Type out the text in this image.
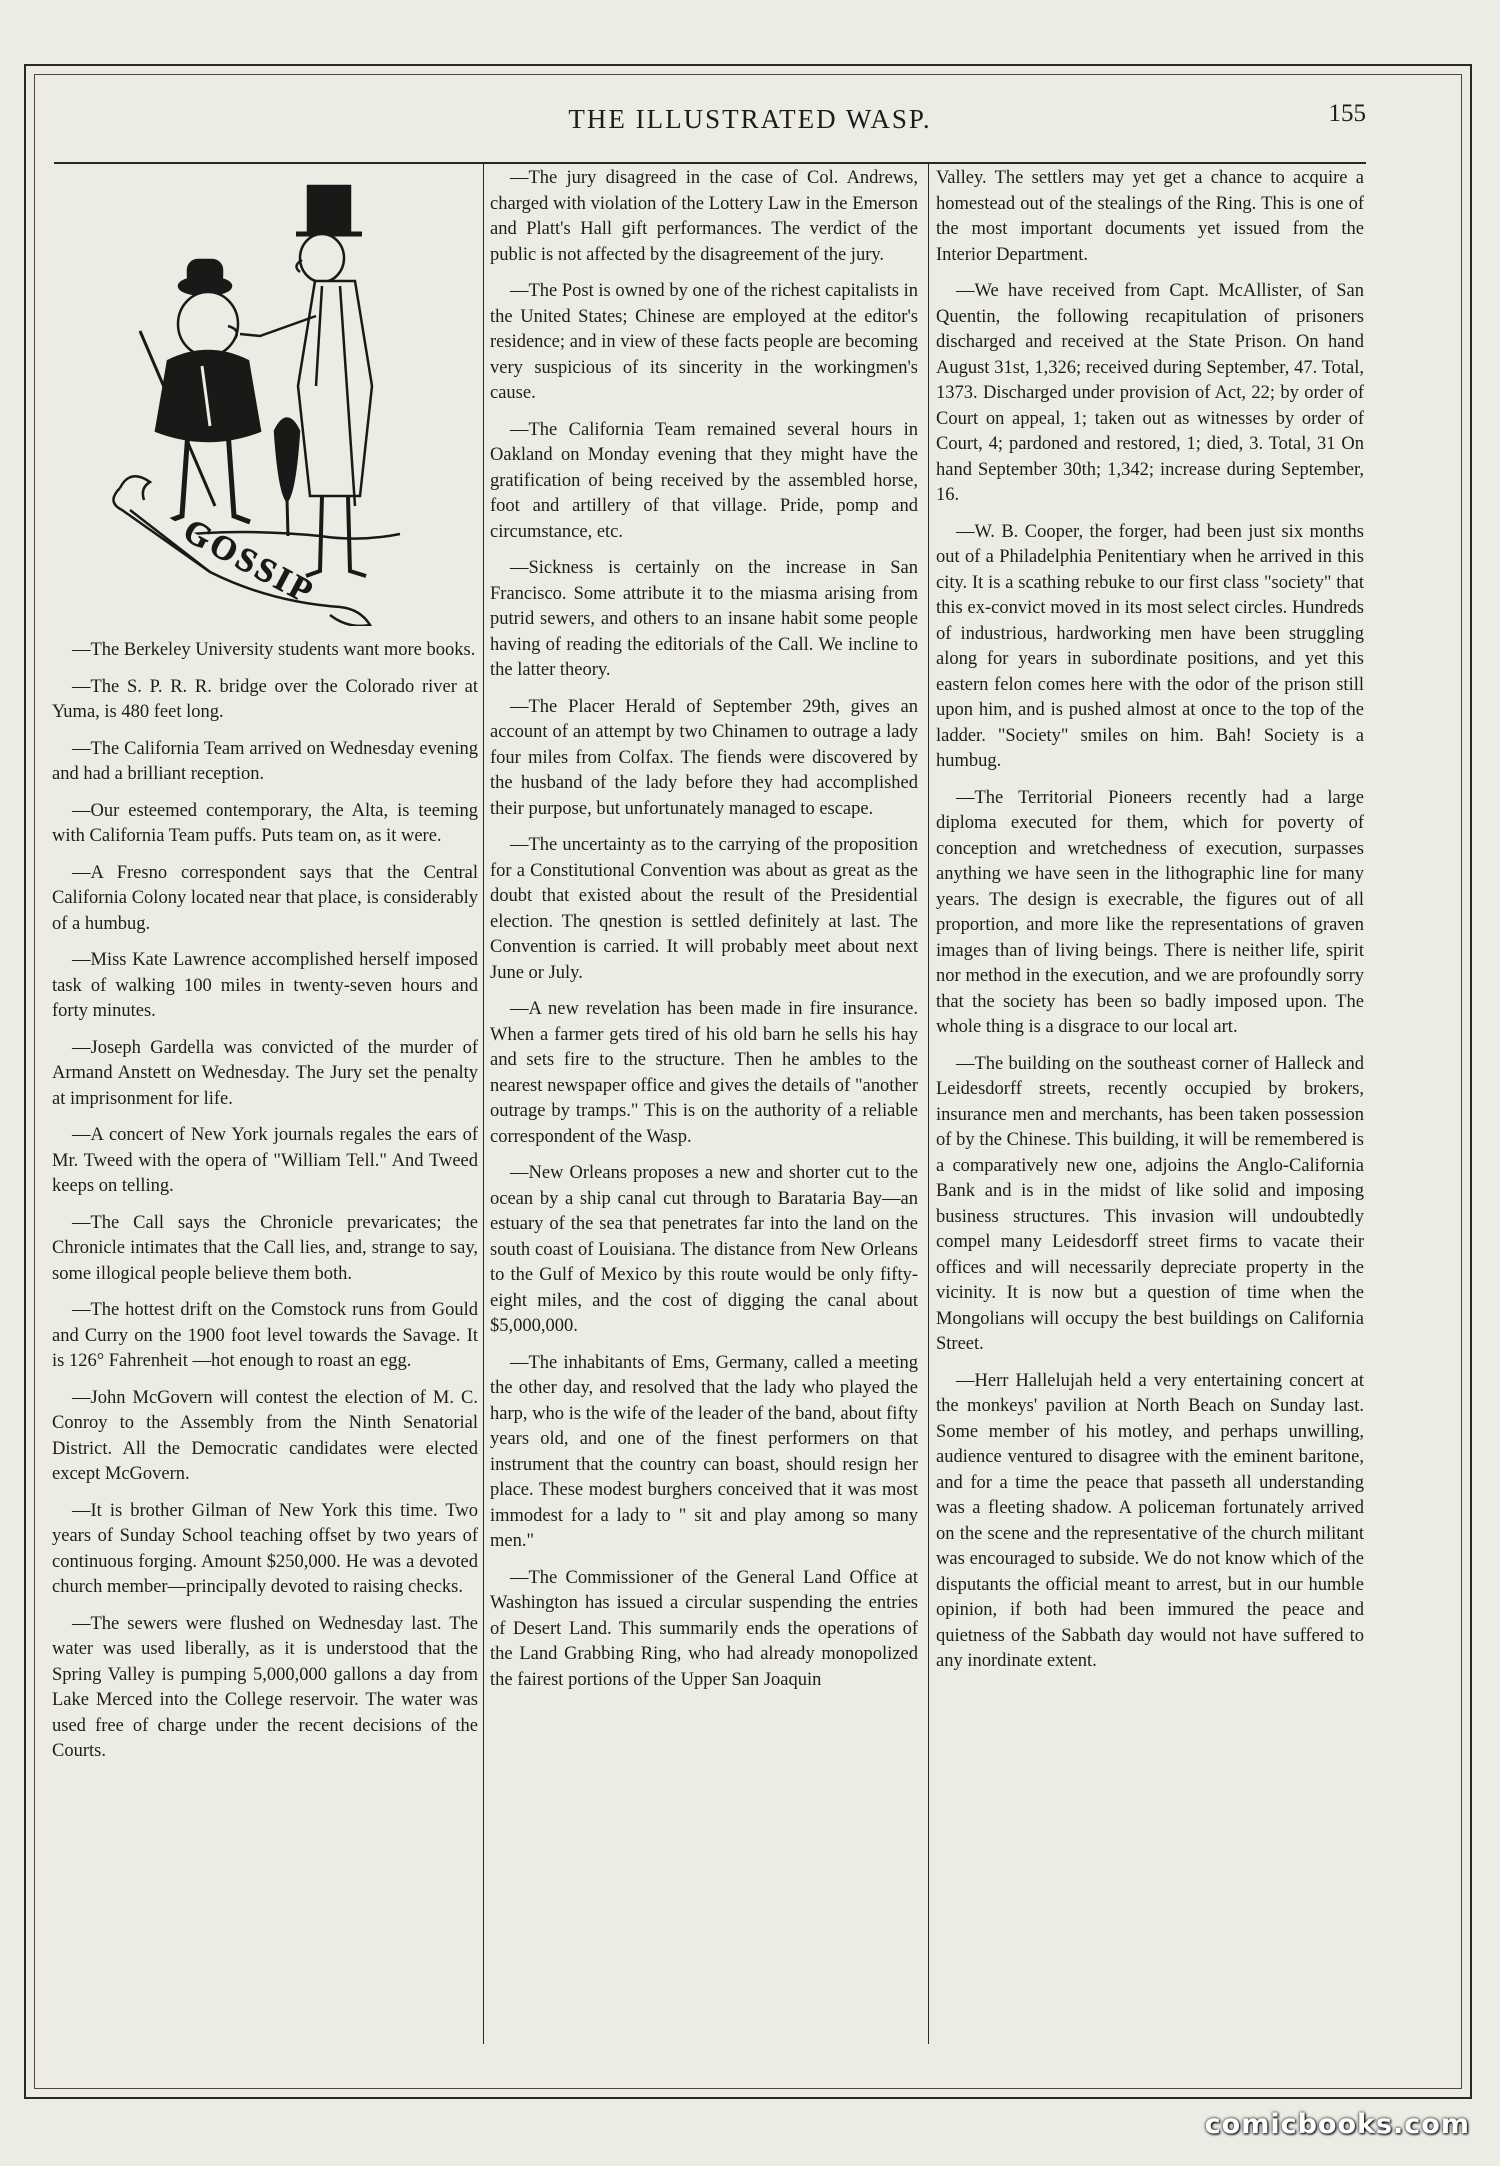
THE ILLUSTRATED WASP.	155
GOSSIP

—The Berkeley University students want more books.

—The S. P. R. R. bridge over the Colorado river at Yuma, is 480 feet long.

—The California Team arrived on Wednesday evening and had a brilliant reception.

—Our esteemed contemporary, the Alta, is teeming with California Team puffs. Puts team on, as it were.

—A Fresno correspondent says that the Central California Colony located near that place, is considerably of a humbug.

—Miss Kate Lawrence accomplished herself imposed task of walking 100 miles in twenty-seven hours and forty minutes.

—Joseph Gardella was convicted of the murder of Armand Anstett on Wednesday. The Jury set the penalty at imprisonment for life.

—A concert of New York journals regales the ears of Mr. Tweed with the opera of "William Tell." And Tweed keeps on telling.

—The Call says the Chronicle prevaricates; the Chronicle intimates that the Call lies, and, strange to say, some illogical people believe them both.

—The hottest drift on the Comstock runs from Gould and Curry on the 1900 foot level towards the Savage. It is 126° Fahrenheit —hot enough to roast an egg.

—John McGovern will contest the election of M. C. Conroy to the Assembly from the Ninth Senatorial District. All the Democratic candidates were elected except McGovern.

—It is brother Gilman of New York this time. Two years of Sunday School teaching offset by two years of continuous forging. Amount $250,000. He was a devoted church member—principally devoted to raising checks.

—The sewers were flushed on Wednesday last. The water was used liberally, as it is understood that the Spring Valley is pumping 5,000,000 gallons a day from Lake Merced into the College reservoir. The water was used free of charge under the recent decisions of the Courts.

—The jury disagreed in the case of Col. Andrews, charged with violation of the Lottery Law in the Emerson and Platt's Hall gift performances. The verdict of the public is not affected by the disagreement of the jury.

—The Post is owned by one of the richest capitalists in the United States; Chinese are employed at the editor's residence; and in view of these facts people are becoming very suspicious of its sincerity in the workingmen's cause.

—The California Team remained several hours in Oakland on Monday evening that they might have the gratification of being received by the assembled horse, foot and artillery of that village. Pride, pomp and circumstance, etc.

—Sickness is certainly on the increase in San Francisco. Some attribute it to the miasma arising from putrid sewers, and others to an insane habit some people having of reading the editorials of the Call. We incline to the latter theory.

—The Placer Herald of September 29th, gives an account of an attempt by two Chinamen to outrage a lady four miles from Colfax. The fiends were discovered by the husband of the lady before they had accomplished their purpose, but unfortunately managed to escape.

—The uncertainty as to the carrying of the proposition for a Constitutional Convention was about as great as the doubt that existed about the result of the Presidential election. The qnestion is settled definitely at last. The Convention is carried. It will probably meet about next June or July.

—A new revelation has been made in fire insurance. When a farmer gets tired of his old barn he sells his hay and sets fire to the structure. Then he ambles to the nearest newspaper office and gives the details of "another outrage by tramps." This is on the authority of a reliable correspondent of the Wasp.

—New Orleans proposes a new and shorter cut to the ocean by a ship canal cut through to Barataria Bay—an estuary of the sea that penetrates far into the land on the south coast of Louisiana. The distance from New Orleans to the Gulf of Mexico by this route would be only fifty-eight miles, and the cost of digging the canal about $5,000,000.

—The inhabitants of Ems, Germany, called a meeting the other day, and resolved that the lady who played the harp, who is the wife of the leader of the band, about fifty years old, and one of the finest performers on that instrument that the country can boast, should resign her place. These modest burghers conceived that it was most immodest for a lady to " sit and play among so many men."

—The Commissioner of the General Land Office at Washington has issued a circular suspending the entries of Desert Land. This summarily ends the operations of the Land Grabbing Ring, who had already monopolized the fairest portions of the Upper San Joaquin

Valley. The settlers may yet get a chance to acquire a homestead out of the stealings of the Ring. This is one of the most important documents yet issued from the Interior Department.

—We have received from Capt. McAllister, of San Quentin, the following recapitulation of prisoners discharged and received at the State Prison. On hand August 31st, 1,326; received during September, 47. Total, 1373. Discharged under provision of Act, 22; by order of Court on appeal, 1; taken out as witnesses by order of Court, 4; pardoned and restored, 1; died, 3. Total, 31 On hand September 30th; 1,342; increase during September, 16.

—W. B. Cooper, the forger, had been just six months out of a Philadelphia Penitentiary when he arrived in this city. It is a scathing rebuke to our first class "society" that this ex-convict moved in its most select circles. Hundreds of industrious, hardworking men have been struggling along for years in subordinate positions, and yet this eastern felon comes here with the odor of the prison still upon him, and is pushed almost at once to the top of the ladder. "Society" smiles on him. Bah! Society is a humbug.

—The Territorial Pioneers recently had a large diploma executed for them, which for poverty of conception and wretchedness of execution, surpasses anything we have seen in the lithographic line for many years. The design is execrable, the figures out of all proportion, and more like the representations of graven images than of living beings. There is neither life, spirit nor method in the execution, and we are profoundly sorry that the society has been so badly imposed upon. The whole thing is a disgrace to our local art.

—The building on the southeast corner of Halleck and Leidesdorff streets, recently occupied by brokers, insurance men and merchants, has been taken possession of by the Chinese. This building, it will be remembered is a comparatively new one, adjoins the Anglo-California Bank and is in the midst of like solid and imposing business structures. This invasion will undoubtedly compel many Leidesdorff street firms to vacate their offices and will necessarily depreciate property in the vicinity. It is now but a question of time when the Mongolians will occupy the best buildings on California Street.

—Herr Hallelujah held a very entertaining concert at the monkeys' pavilion at North Beach on Sunday last. Some member of his motley, and perhaps unwilling, audience ventured to disagree with the eminent baritone, and for a time the peace that passeth all understanding was a fleeting shadow. A policeman fortunately arrived on the scene and the representative of the church militant was encouraged to subside. We do not know which of the disputants the official meant to arrest, but in our humble opinion, if both had been immured the peace and quietness of the Sabbath day would not have suffered to any inordinate extent.

comicbooks.com
